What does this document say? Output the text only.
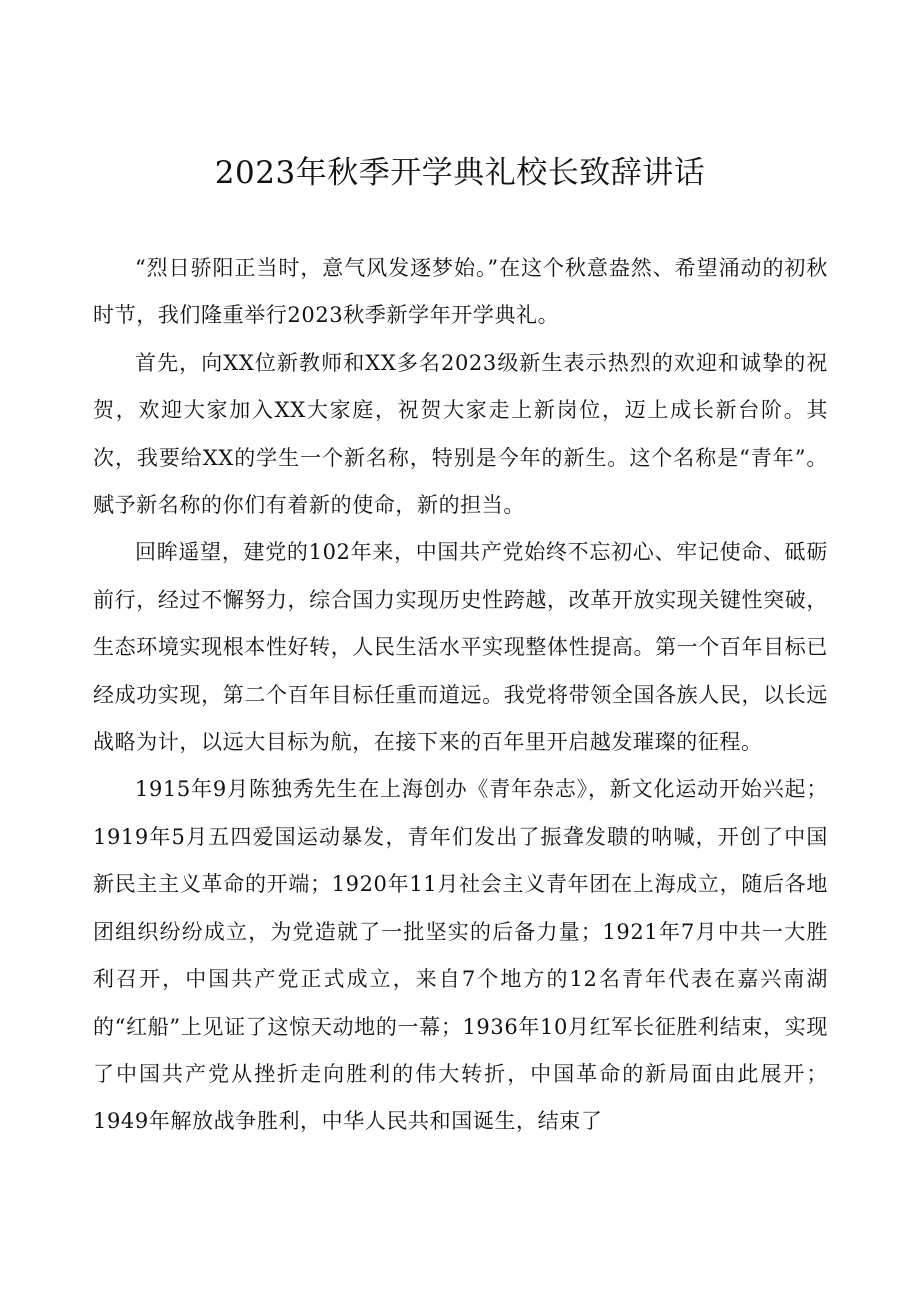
2023年秋季开学典礼校长致辞讲话

“烈日骄阳正当时，意气风发逐梦始。”在这个秋意盎然、希望涌动的初秋时节，我们隆重举行2023秋季新学年开学典礼。

首先，向XX位新教师和XX多名2023级新生表示热烈的欢迎和诚挚的祝贺，欢迎大家加入XX大家庭，祝贺大家走上新岗位，迈上成长新台阶。其次，我要给XX的学生一个新名称，特别是今年的新生。这个名称是“青年”。赋予新名称的你们有着新的使命，新的担当。

回眸遥望，建党的102年来，中国共产党始终不忘初心、牢记使命、砥砺前行，经过不懈努力，综合国力实现历史性跨越，改革开放实现关键性突破，生态环境实现根本性好转，人民生活水平实现整体性提高。第一个百年目标已经成功实现，第二个百年目标任重而道远。我党将带领全国各族人民，以长远战略为计，以远大目标为航，在接下来的百年里开启越发璀璨的征程。

1915年9月陈独秀先生在上海创办《青年杂志》，新文化运动开始兴起；1919年5月五四爱国运动暴发，青年们发出了振聋发聩的呐喊，开创了中国新民主主义革命的开端；1920年11月社会主义青年团在上海成立，随后各地团组织纷纷成立，为党造就了一批坚实的后备力量；1921年7月中共一大胜利召开，中国共产党正式成立，来自7个地方的12名青年代表在嘉兴南湖的“红船”上见证了这惊天动地的一幕；1936年10月红军长征胜利结束，实现了中国共产党从挫折走向胜利的伟大转折，中国革命的新局面由此展开；1949年解放战争胜利，中华人民共和国诞生，结束了
